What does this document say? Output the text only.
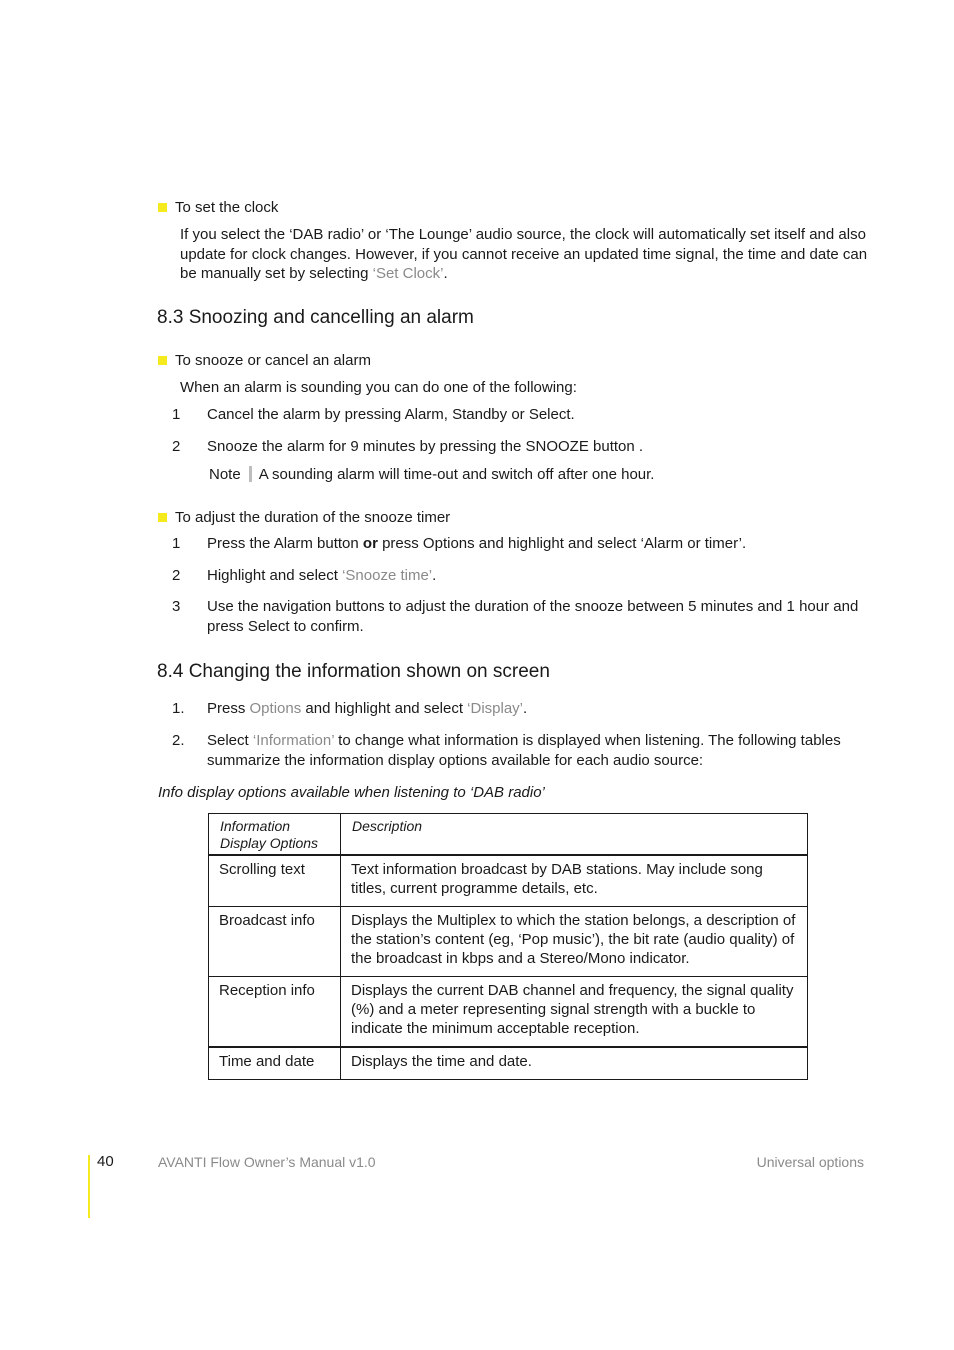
To set the clock
If you select the ‘DAB radio’ or ‘The Lounge’ audio source, the clock will automatically set itself and also update for clock changes. However, if you cannot receive an updated time signal, the time and date can be manually set by selecting ‘Set Clock’.
8.3 Snoozing and cancelling an alarm
To snooze or cancel an alarm
When an alarm is sounding you can do one of the following:
1 Cancel the alarm by pressing Alarm, Standby or Select.
2 Snooze the alarm for 9 minutes by pressing the SNOOZE button .
Note A sounding alarm will time-out and switch off after one hour.
To adjust the duration of the snooze timer
1 Press the Alarm button or press Options and highlight and select ‘Alarm or timer’.
2 Highlight and select ‘Snooze time’.
3 Use the navigation buttons to adjust the duration of the snooze between 5 minutes and 1 hour and press Select to confirm.
8.4 Changing the information shown on screen
1. Press Options and highlight and select ‘Display’.
2. Select ‘Information’ to change what information is displayed when listening. The following tables summarize the information display options available for each audio source:
Info display options available when listening to ‘DAB radio’
Information Display Options	Description
Scrolling text	Text information broadcast by DAB stations. May include song titles, current programme details, etc.
Broadcast info	Displays the Multiplex to which the station belongs, a description of the station’s content (eg, ‘Pop music’), the bit rate (audio quality) of the broadcast in kbps and a Stereo/Mono indicator.
Reception info	Displays the current DAB channel and frequency, the signal quality (%) and a meter representing signal strength with a buckle to indicate the minimum acceptable reception.
Time and date	Displays the time and date.
40	AVANTI Flow Owner’s Manual v1.0	Universal options
